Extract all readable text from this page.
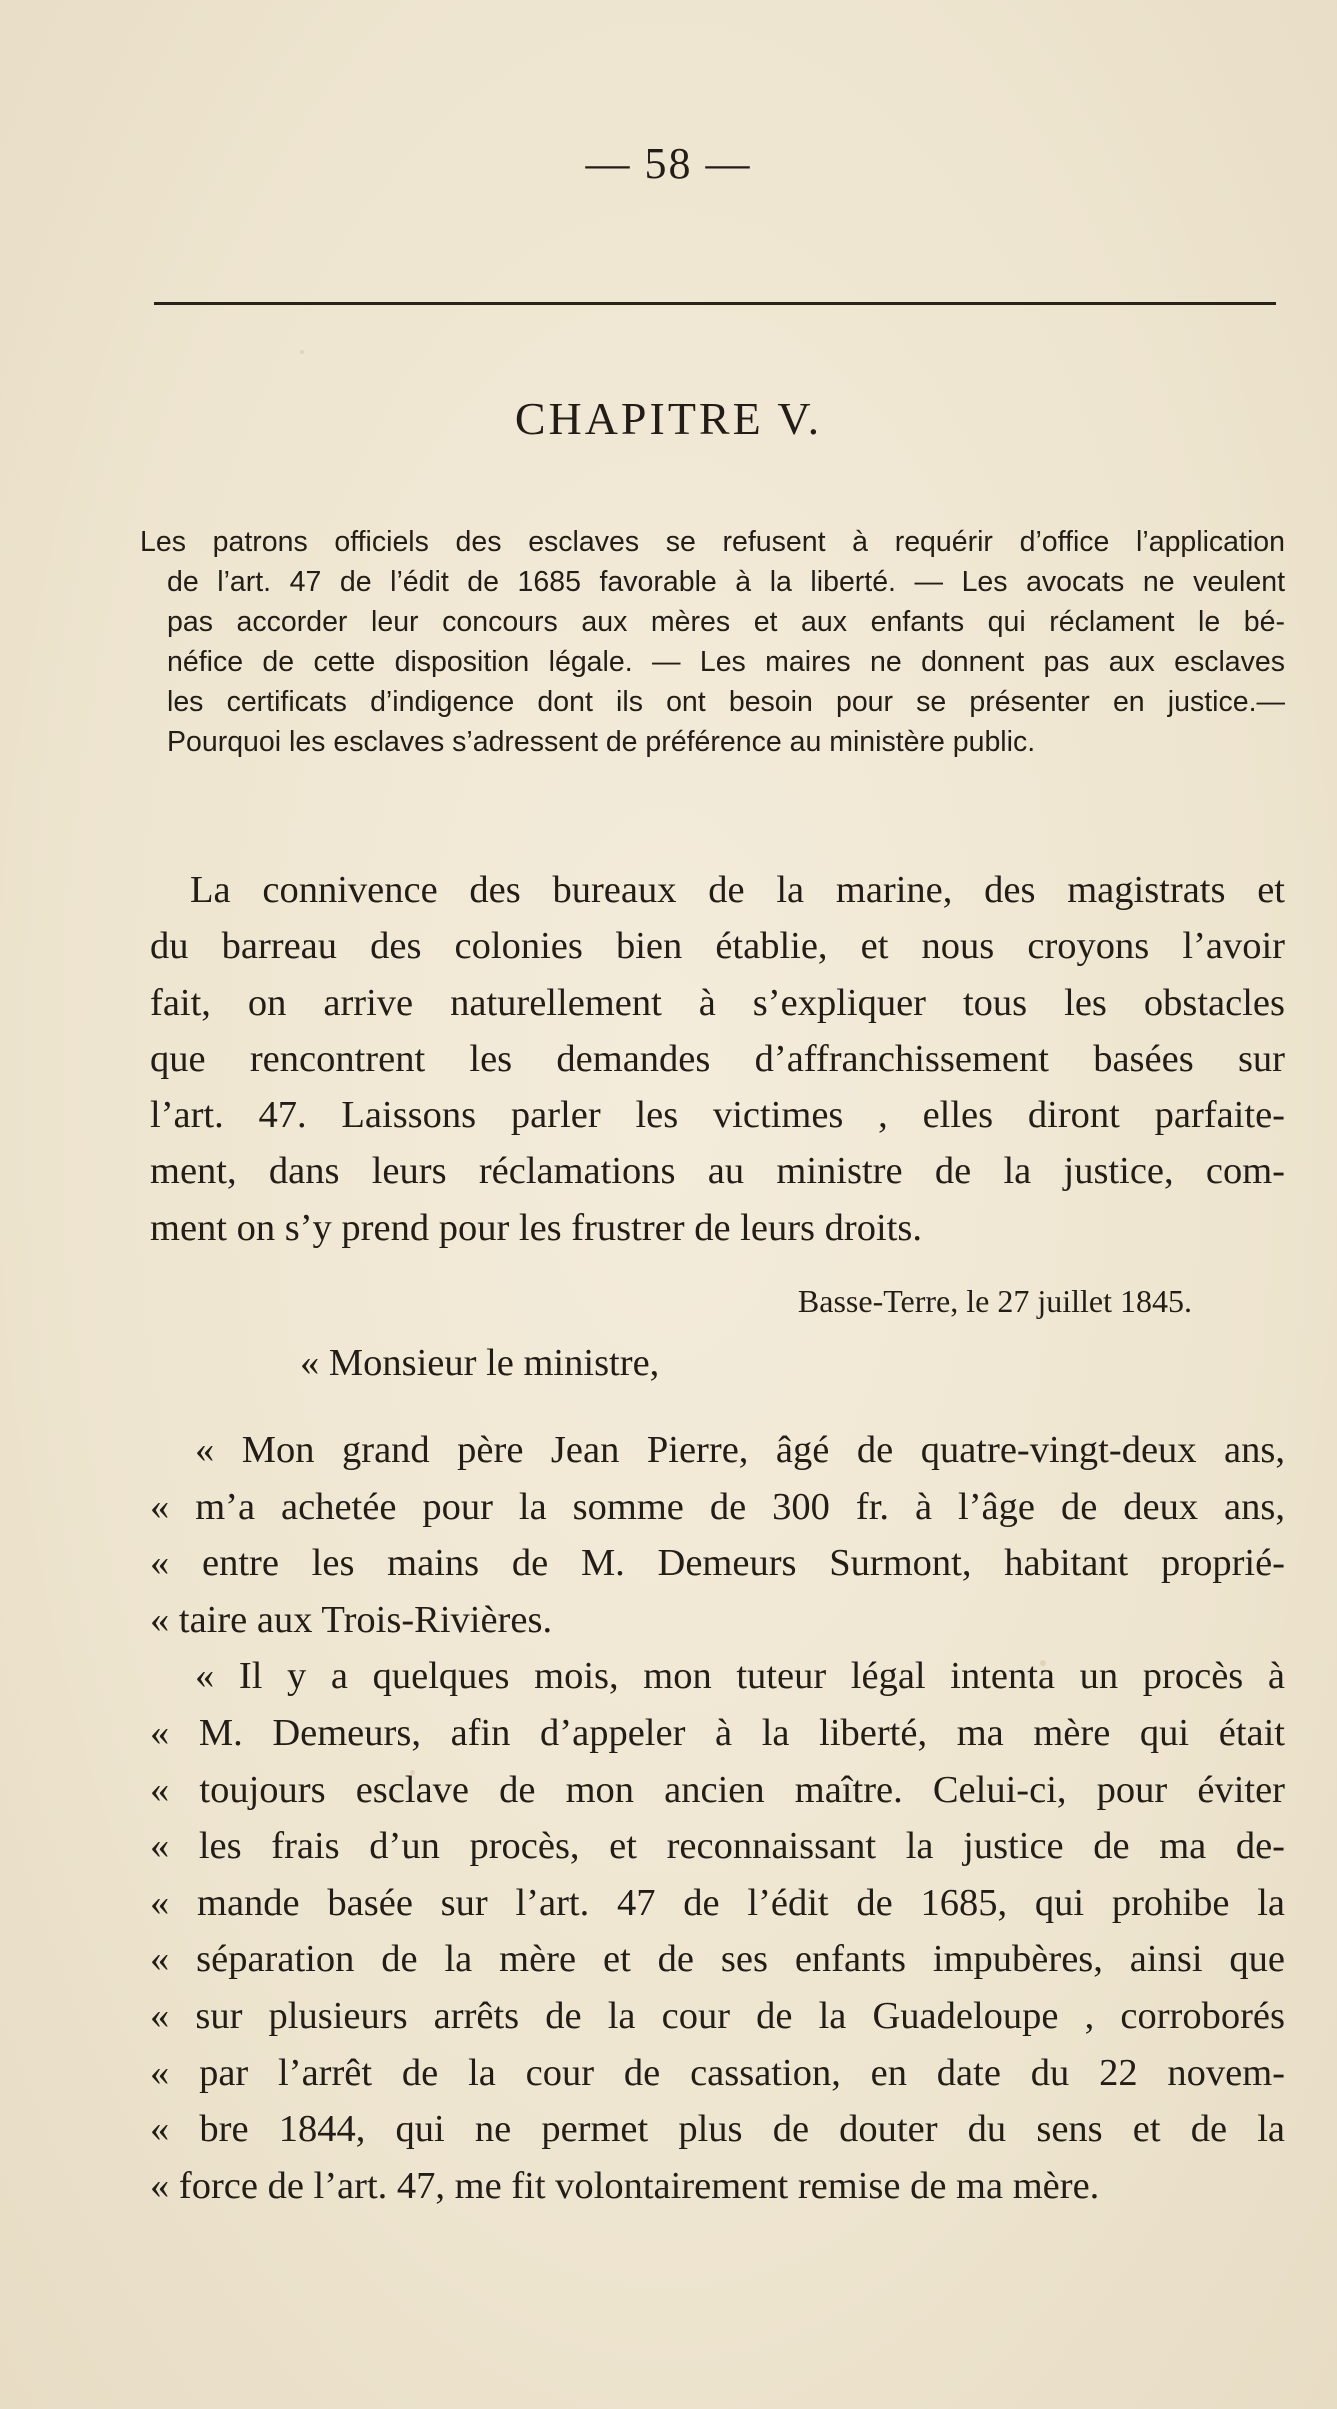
— 58 —
CHAPITRE V.
Les patrons officiels des esclaves se refusent à requérir d’office l’application
de l’art. 47 de l’édit de 1685 favorable à la liberté. — Les avocats ne veulent
pas accorder leur concours aux mères et aux enfants qui réclament le bé-
néfice de cette disposition légale. — Les maires ne donnent pas aux esclaves
les certificats d’indigence dont ils ont besoin pour se présenter en justice.—
Pourquoi les esclaves s’adressent de préférence au ministère public.
La connivence des bureaux de la marine, des magistrats et
du barreau des colonies bien établie, et nous croyons l’avoir
fait, on arrive naturellement à s’expliquer tous les obstacles
que rencontrent les demandes d’affranchissement basées sur
l’art. 47. Laissons parler les victimes , elles diront parfaite-
ment, dans leurs réclamations au ministre de la justice, com-
ment on s’y prend pour les frustrer de leurs droits.
Basse-Terre, le 27 juillet 1845.
« Monsieur le ministre,
« Mon grand père Jean Pierre, âgé de quatre-vingt-deux ans,
« m’a achetée pour la somme de 300 fr. à l’âge de deux ans,
« entre les mains de M. Demeurs Surmont, habitant proprié-
« taire aux Trois-Rivières.
« Il y a quelques mois, mon tuteur légal intenta un procès à
« M. Demeurs, afin d’appeler à la liberté, ma mère qui était
« toujours esclave de mon ancien maître. Celui-ci, pour éviter
« les frais d’un procès, et reconnaissant la justice de ma de-
« mande basée sur l’art. 47 de l’édit de 1685, qui prohibe la
« séparation de la mère et de ses enfants impubères, ainsi que
« sur plusieurs arrêts de la cour de la Guadeloupe , corroborés
« par l’arrêt de la cour de cassation, en date du 22 novem-
« bre 1844, qui ne permet plus de douter du sens et de la
« force de l’art. 47, me fit volontairement remise de ma mère.
